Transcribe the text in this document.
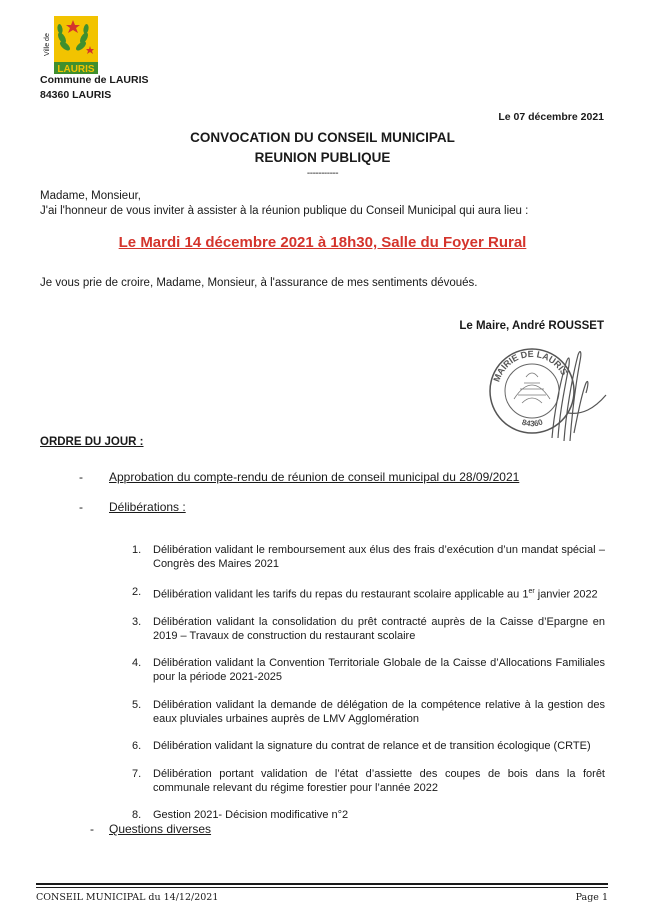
LAURIS
Ville de
Commune de LAURIS
84360 LAURIS
Le 07 décembre 2021
CONVOCATION DU CONSEIL MUNICIPAL
REUNION PUBLIQUE
-----------
Madame, Monsieur,
J'ai l'honneur de vous inviter à assister à la réunion publique du Conseil Municipal qui aura lieu :
Le Mardi 14 décembre 2021 à 18h30, Salle du Foyer Rural
Je vous prie de croire, Madame, Monsieur, à l'assurance de mes sentiments dévoués.
Le Maire, André ROUSSET
MAIRIE DE LAURIS
84360
ORDRE DU JOUR :
- Approbation du compte-rendu de réunion de conseil municipal du 28/09/2021
- Délibérations :
1.	Délibération validant le remboursement aux élus des frais d’exécution d’un mandat spécial – Congrès des Maires 2021
2.	Délibération validant les tarifs du repas du restaurant scolaire applicable au 1er janvier 2022
3.	Délibération validant la consolidation du prêt contracté auprès de la Caisse d’Epargne en 2019 – Travaux de construction du restaurant scolaire
4.	Délibération validant la Convention Territoriale Globale de la Caisse d’Allocations Familiales pour la période 2021-2025
5.	Délibération validant la demande de délégation de la compétence relative à la gestion des eaux pluviales urbaines auprès de LMV Agglomération
6.	Délibération validant la signature du contrat de relance et de transition écologique (CRTE)
7.	Délibération portant validation de l’état d’assiette des coupes de bois dans la forêt communale relevant du régime forestier pour l’année 2022
8.	Gestion 2021- Décision modificative n°2
- Questions diverses
CONSEIL MUNICIPAL du 14/12/2021	Page 1
